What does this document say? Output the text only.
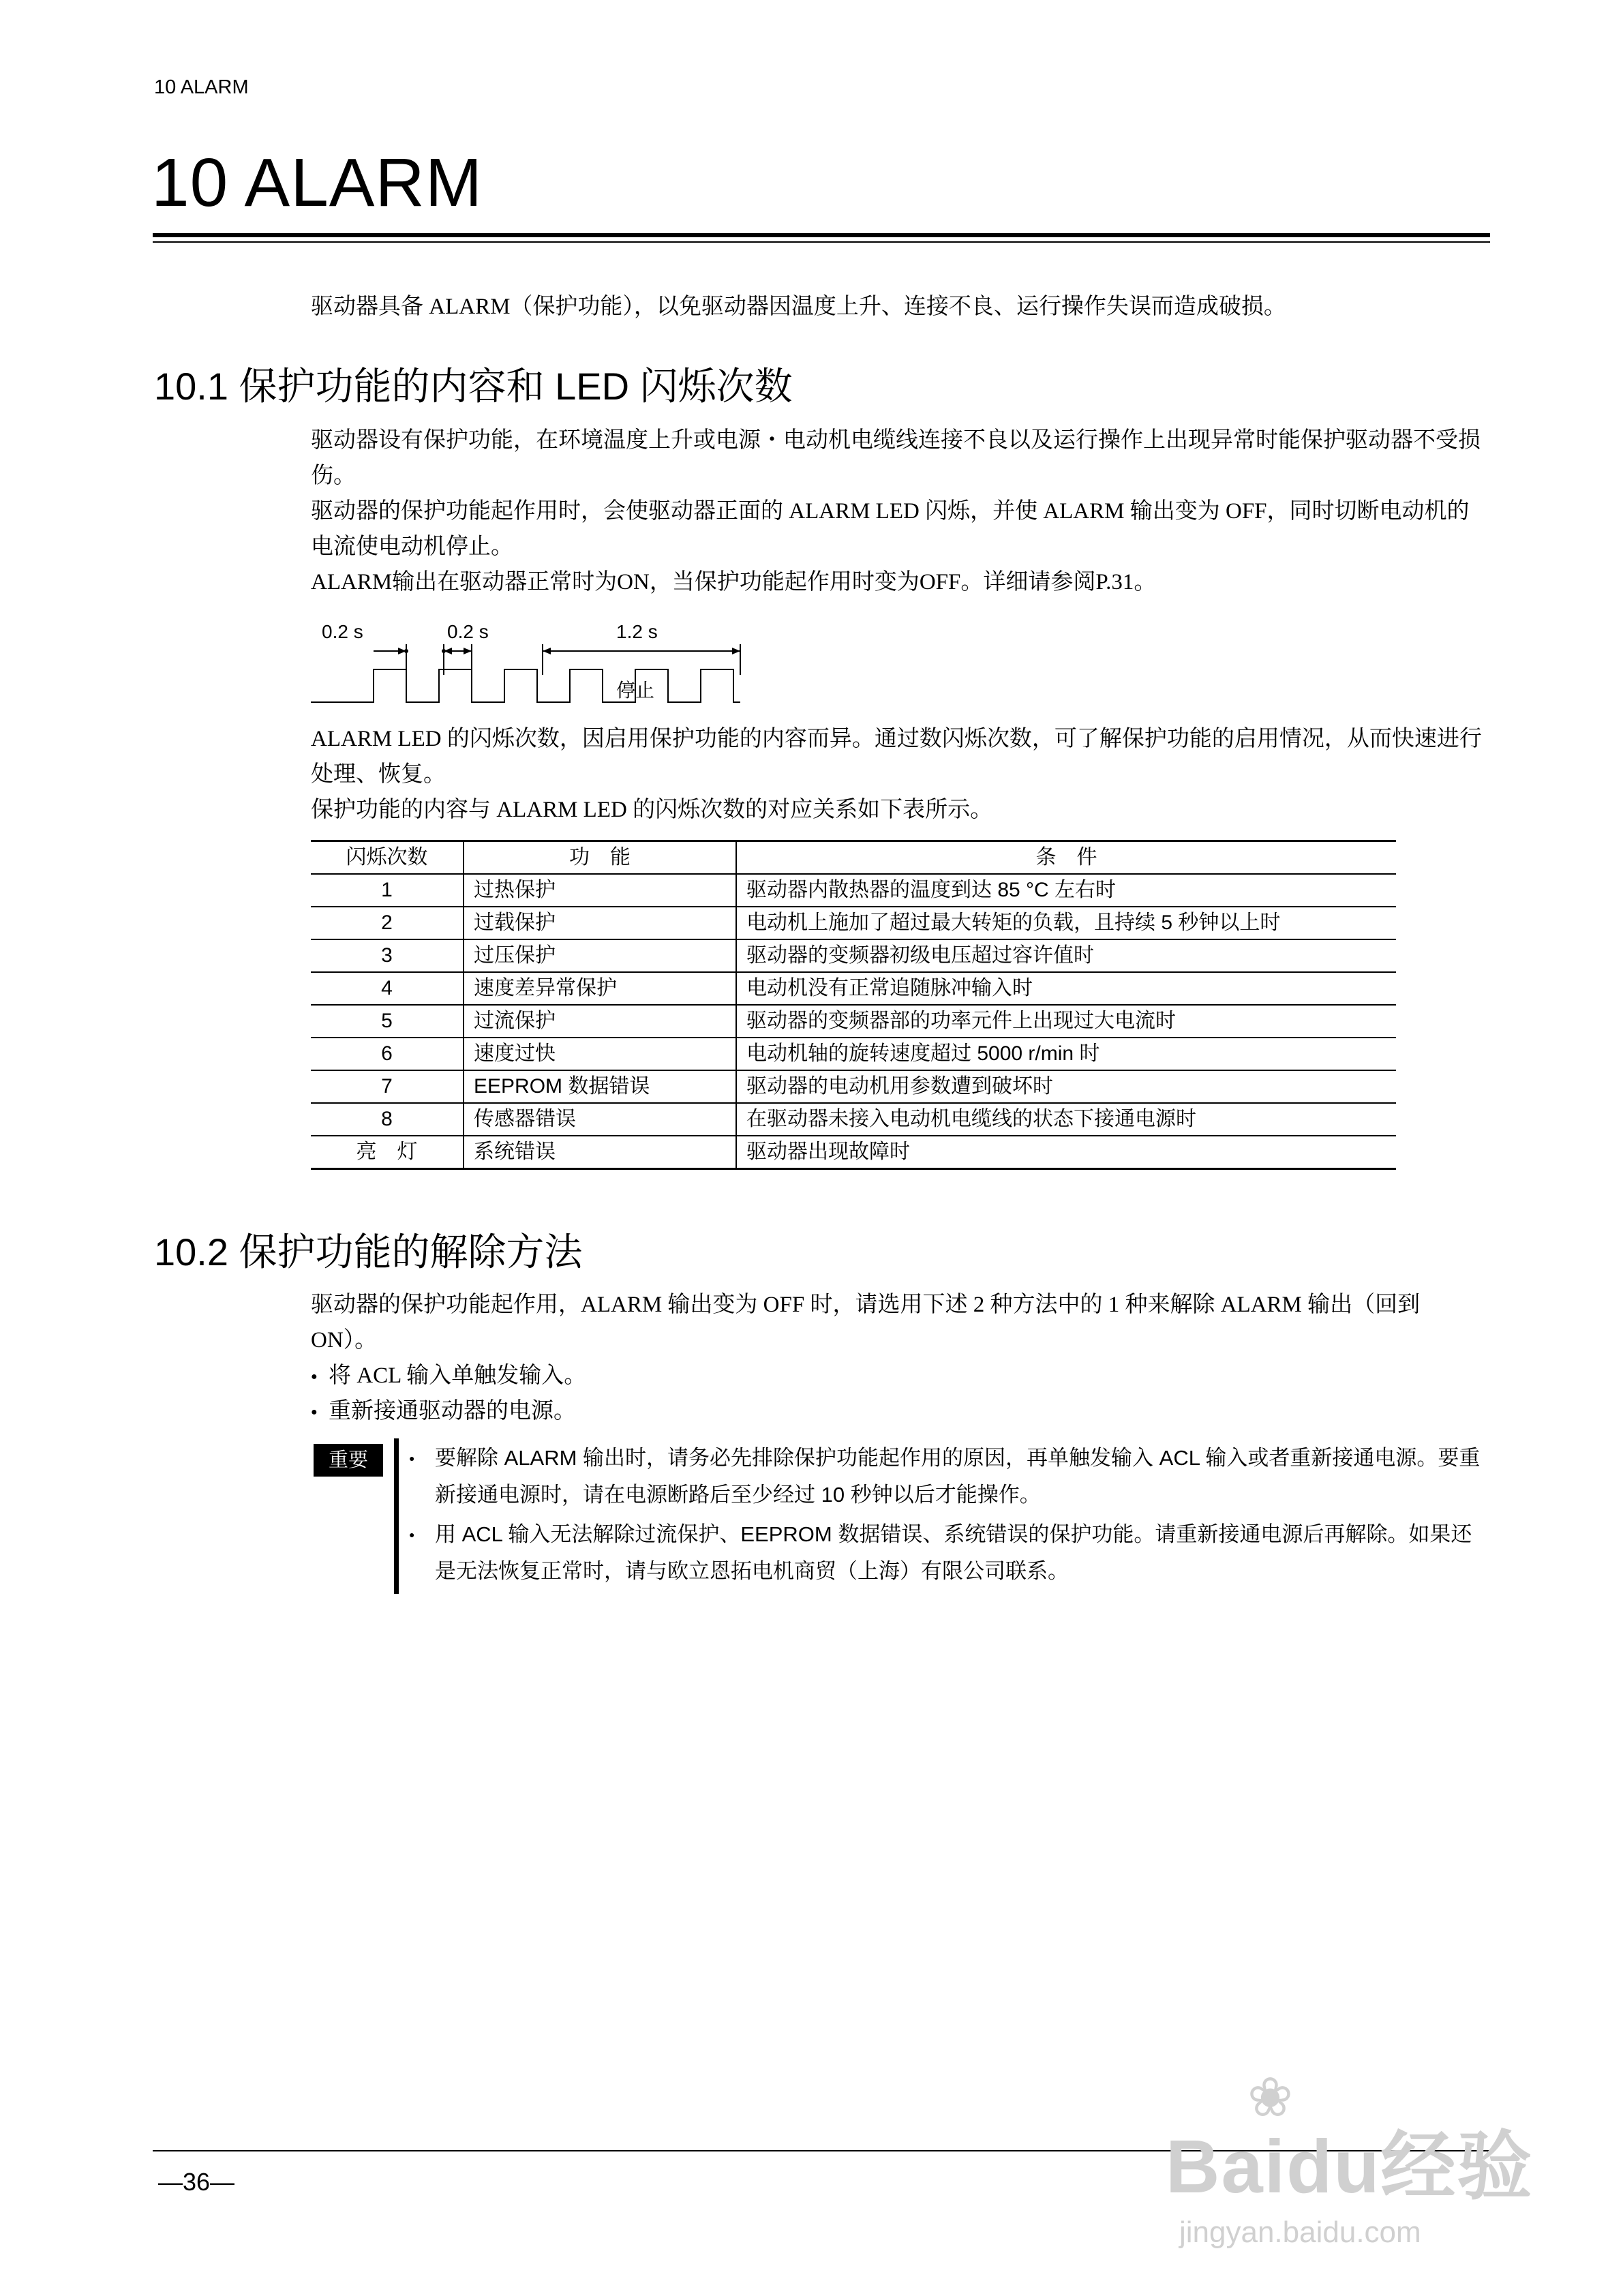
10 ALARM
10 ALARM
驱动器具备 ALARM（保护功能），以免驱动器因温度上升、连接不良、运行操作失误而造成破损。
10.1 保护功能的内容和 LED 闪烁次数
驱动器设有保护功能，在环境温度上升或电源・电动机电缆线连接不良以及运行操作上出现异常时能保护驱动器不受损伤。
驱动器的保护功能起作用时，会使驱动器正面的 ALARM LED 闪烁，并使 ALARM 输出变为 OFF，同时切断电动机的电流使电动机停止。
ALARM输出在驱动器正常时为ON，当保护功能起作用时变为OFF。详细请参阅P.31。
0.2 s	0.2 s	1.2 s
停止
ALARM LED 的闪烁次数，因启用保护功能的内容而异。通过数闪烁次数，可了解保护功能的启用情况，从而快速进行处理、恢复。
保护功能的内容与 ALARM LED 的闪烁次数的对应关系如下表所示。
闪烁次数	功　能	条　件
1	过热保护	驱动器内散热器的温度到达 85 °C 左右时
2	过载保护	电动机上施加了超过最大转矩的负载，且持续 5 秒钟以上时
3	过压保护	驱动器的变频器初级电压超过容许值时
4	速度差异常保护	电动机没有正常追随脉冲输入时
5	过流保护	驱动器的变频器部的功率元件上出现过大电流时
6	速度过快	电动机轴的旋转速度超过 5000 r/min 时
7	EEPROM 数据错误	驱动器的电动机用参数遭到破坏时
8	传感器错误	在驱动器未接入电动机电缆线的状态下接通电源时
亮　灯	系统错误	驱动器出现故障时
10.2 保护功能的解除方法
驱动器的保护功能起作用，ALARM 输出变为 OFF 时，请选用下述 2 种方法中的 1 种来解除 ALARM 输出（回到 ON）。
● 将 ACL 输入单触发输入。
● 重新接通驱动器的电源。
重要	● 要解除 ALARM 输出时，请务必先排除保护功能起作用的原因，再单触发输入 ACL 输入或者重新接通电源。要重新接通电源时，请在电源断路后至少经过 10 秒钟以后才能操作。
● 用 ACL 输入无法解除过流保护、EEPROM 数据错误、系统错误的保护功能。请重新接通电源后再解除。如果还是无法恢复正常时，请与欧立恩拓电机商贸（上海）有限公司联系。
—36—
❀
Baidu经验
jingyan.baidu.com
